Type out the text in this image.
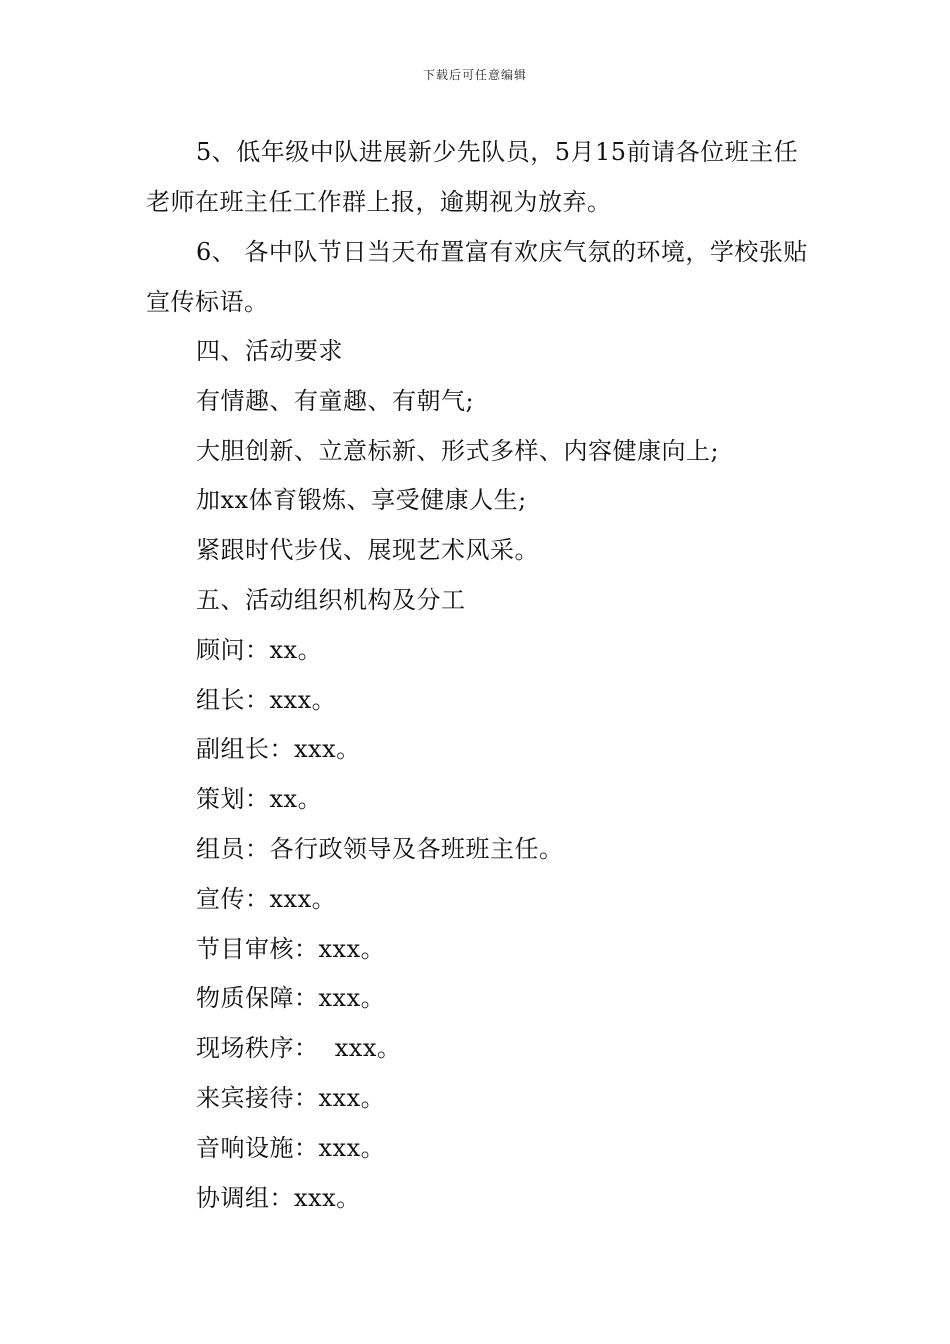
下载后可任意编辑

5、低年级中队进展新少先队员，5月15前请各位班主任老师在班主任工作群上报，逾期视为放弃。

6、 各中队节日当天布置富有欢庆气氛的环境，学校张贴宣传标语。

四、活动要求
有情趣、有童趣、有朝气;
大胆创新、立意标新、形式多样、内容健康向上;
加xx体育锻炼、享受健康人生;
紧跟时代步伐、展现艺术风采。
五、活动组织机构及分工
顾问：xx。
组长：xxx。
副组长：xxx。
策划：xx。
组员：各行政领导及各班班主任。
宣传：xxx。
节目审核：xxx。
物质保障：xxx。
现场秩序：  xxx。
来宾接待：xxx。
音响设施：xxx。
协调组：xxx。
